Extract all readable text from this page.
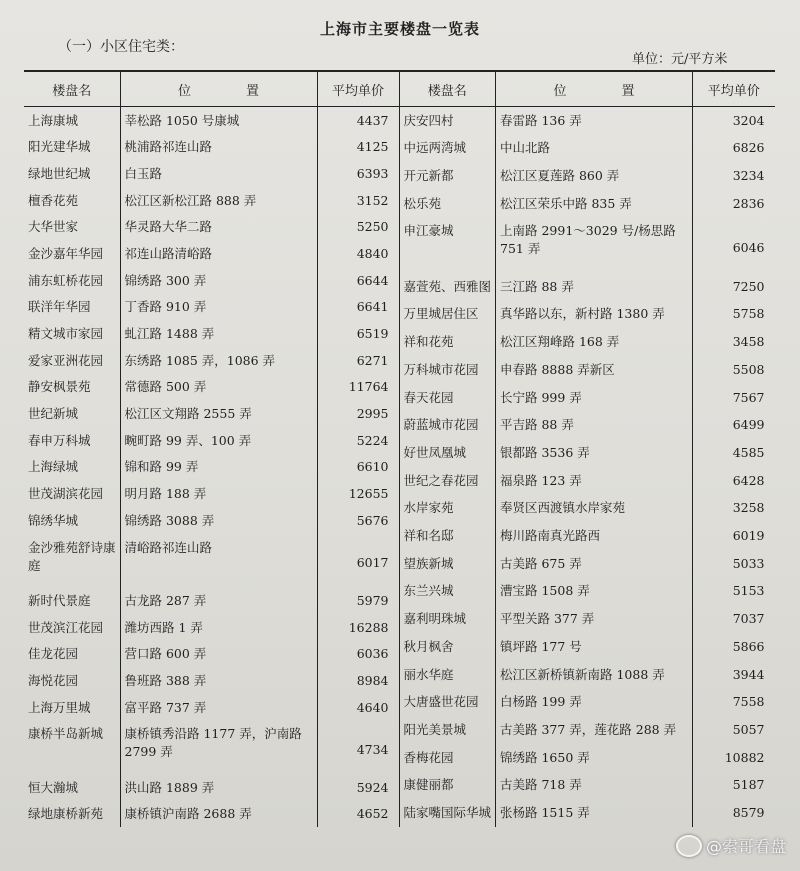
上海市主要楼盘一览表
（一）小区住宅类：
单位：元/平方米
楼盘名	位 置	平均单价
上海康城	莘松路 1050 号康城	4437
阳光建华城	桃浦路祁连山路	4125
绿地世纪城	白玉路	6393
檀香花苑	松江区新松江路 888 弄	3152
大华世家	华灵路大华二路	5250
金沙嘉年华园	祁连山路清峪路	4840
浦东虹桥花园	锦绣路 300 弄	6644
联洋年华园	丁香路 910 弄	6641
精文城市家园	虬江路 1488 弄	6519
爱家亚洲花园	东绣路 1085 弄，1086 弄	6271
静安枫景苑	常德路 500 弄	11764
世纪新城	松江区文翔路 2555 弄	2995
春申万科城	畹町路 99 弄、100 弄	5224
上海绿城	锦和路 99 弄	6610
世茂湖滨花园	明月路 188 弄	12655
锦绣华城	锦绣路 3088 弄	5676
金沙雅苑舒诗康庭	清峪路祁连山路	6017
新时代景庭	古龙路 287 弄	5979
世茂滨江花园	潍坊西路 1 弄	16288
佳龙花园	营口路 600 弄	6036
海悦花园	鲁班路 388 弄	8984
上海万里城	富平路 737 弄	4640
康桥半岛新城	康桥镇秀沿路 1177 弄，沪南路 2799 弄	4734
恒大瀚城	洪山路 1889 弄	5924
绿地康桥新苑	康桥镇沪南路 2688 弄	4652
楼盘名	位 置	平均单价
庆安四村	春雷路 136 弄	3204
中远两湾城	中山北路	6826
开元新都	松江区夏莲路 860 弄	3234
松乐苑	松江区荣乐中路 835 弄	2836
申江豪城	上南路 2991～3029 号/杨思路 751 弄	6046
嘉萱苑、西雅图	三江路 88 弄	7250
万里城居住区	真华路以东，新村路 1380 弄	5758
祥和花苑	松江区翔峰路 168 弄	3458
万科城市花园	申春路 8888 弄新区	5508
春天花园	长宁路 999 弄	7567
蔚蓝城市花园	平吉路 88 弄	6499
好世凤凰城	银都路 3536 弄	4585
世纪之春花园	福泉路 123 弄	6428
水岸家苑	奉贤区西渡镇水岸家苑	3258
祥和名邸	梅川路南真光路西	6019
望族新城	古美路 675 弄	5033
东兰兴城	漕宝路 1508 弄	5153
嘉利明珠城	平型关路 377 弄	7037
秋月枫舍	镇坪路 177 号	5866
丽水华庭	松江区新桥镇新南路 1088 弄	3944
大唐盛世花园	白杨路 199 弄	7558
阳光美景城	古美路 377 弄，莲花路 288 弄	5057
香梅花园	锦绣路 1650 弄	10882
康健丽都	古美路 718 弄	5187
陆家嘴国际华城	张杨路 1515 弄	8579
@索哥看盘
